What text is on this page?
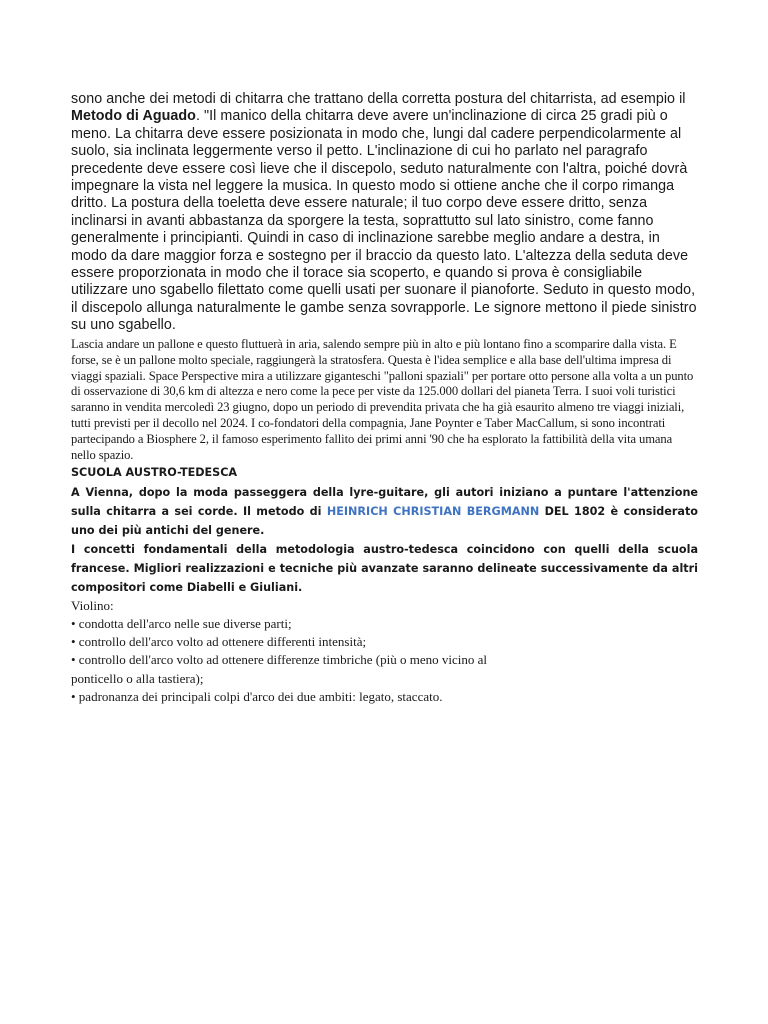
sono anche dei metodi di chitarra che trattano della corretta postura del chitarrista, ad esempio il Metodo di Aguado. "Il manico della chitarra deve avere un'inclinazione di circa 25 gradi più o meno. La chitarra deve essere posizionata in modo che, lungi dal cadere perpendicolarmente al suolo, sia inclinata leggermente verso il petto. L'inclinazione di cui ho parlato nel paragrafo precedente deve essere così lieve che il discepolo, seduto naturalmente con l'altra, poiché dovrà impegnare la vista nel leggere la musica. In questo modo si ottiene anche che il corpo rimanga dritto. La postura della toeletta deve essere naturale; il tuo corpo deve essere dritto, senza inclinarsi in avanti abbastanza da sporgere la testa, soprattutto sul lato sinistro, come fanno generalmente i principianti. Quindi in caso di inclinazione sarebbe meglio andare a destra, in modo da dare maggior forza e sostegno per il braccio da questo lato. L'altezza della seduta deve essere proporzionata in modo che il torace sia scoperto, e quando si prova è consigliabile utilizzare uno sgabello filettato come quelli usati per suonare il pianoforte. Seduto in questo modo, il discepolo allunga naturalmente le gambe senza sovrapporle. Le signore mettono il piede sinistro su uno sgabello.

Lascia andare un pallone e questo fluttuerà in aria, salendo sempre più in alto e più lontano fino a scomparire dalla vista. E forse, se è un pallone molto speciale, raggiungerà la stratosfera. Questa è l'idea semplice e alla base dell'ultima impresa di viaggi spaziali. Space Perspective mira a utilizzare giganteschi "palloni spaziali" per portare otto persone alla volta a un punto di osservazione di 30,6 km di altezza e nero come la pece per viste da 125.000 dollari del pianeta Terra. I suoi voli turistici saranno in vendita mercoledì 23 giugno, dopo un periodo di prevendita privata che ha già esaurito almeno tre viaggi iniziali, tutti previsti per il decollo nel 2024. I co-fondatori della compagnia, Jane Poynter e Taber MacCallum, si sono incontrati partecipando a Biosphere 2, il famoso esperimento fallito dei primi anni '90 che ha esplorato la fattibilità della vita umana nello spazio.

SCUOLA AUSTRO-TEDESCA

A Vienna, dopo la moda passeggera della lyre-guitare, gli autori iniziano a puntare l'attenzione sulla chitarra a sei corde. Il metodo di HEINRICH CHRISTIAN BERGMANN DEL 1802 è considerato uno dei più antichi del genere.

I concetti fondamentali della metodologia austro-tedesca coincidono con quelli della scuola francese. Migliori realizzazioni e tecniche più avanzate saranno delineate successivamente da altri compositori come Diabelli e Giuliani.

Violino:
• condotta dell'arco nelle sue diverse parti;
• controllo dell'arco volto ad ottenere differenti intensità;
• controllo dell'arco volto ad ottenere differenze timbriche (più o meno vicino al
ponticello o alla tastiera);
• padronanza dei principali colpi d'arco dei due ambiti: legato, staccato.
